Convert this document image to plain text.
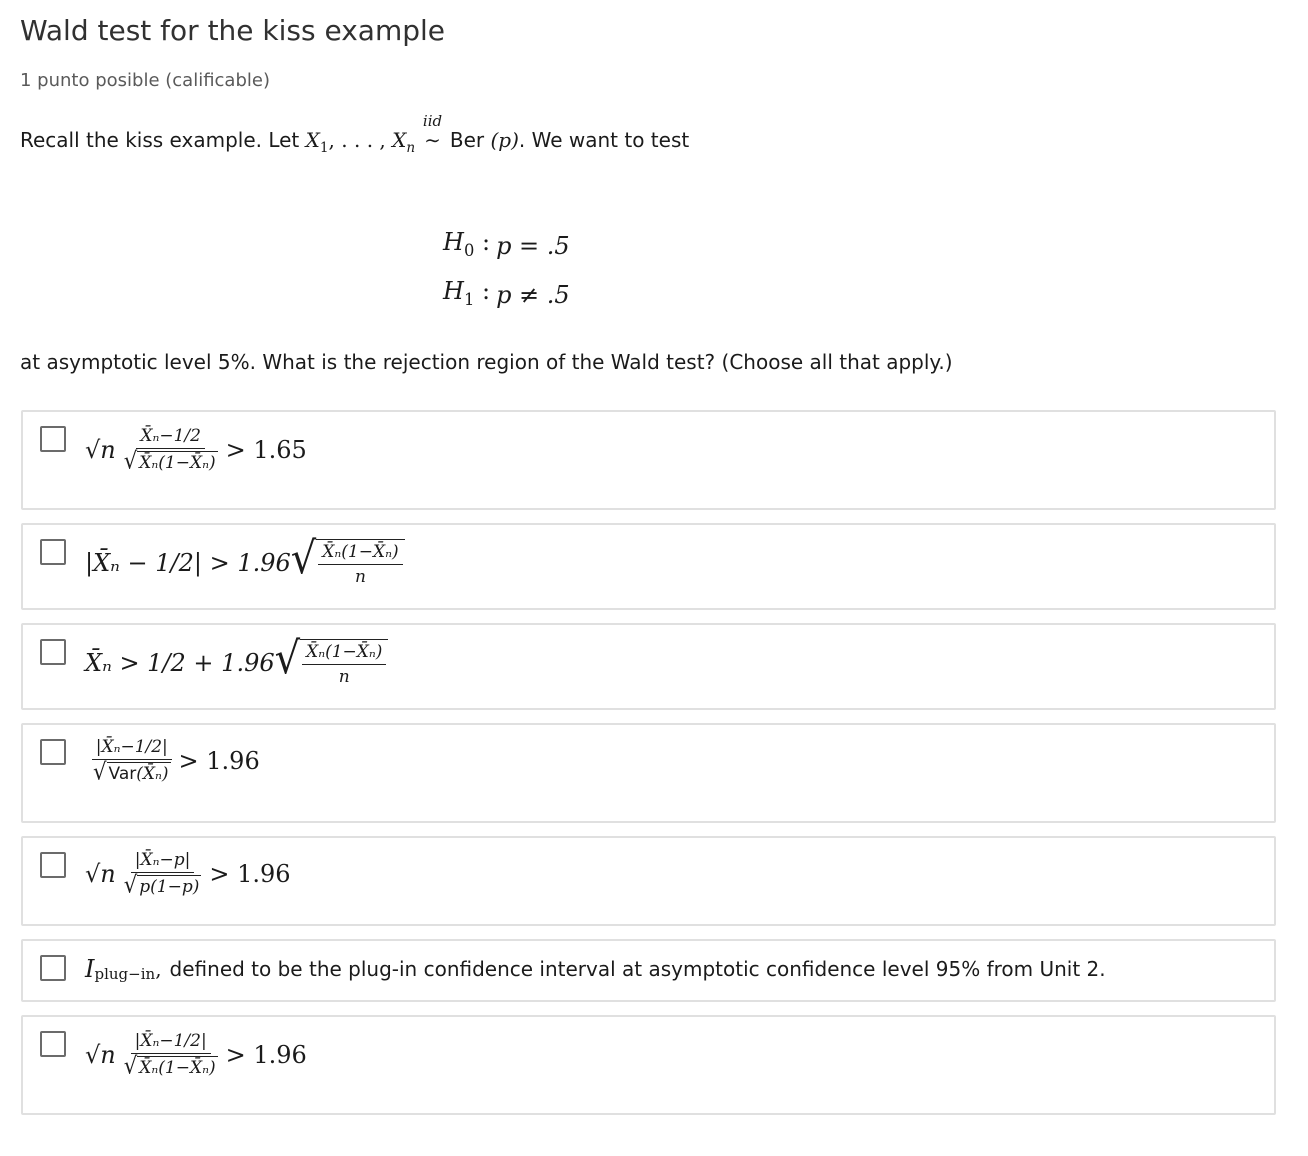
Wald test for the kiss example
1 punto posible (calificable)
Recall the kiss example. Let $X_1$, . . . , $X_n$
iid
∼ Ber (p). We want to test
$H_0$ :	p = .5
$H_1$ :	p ≠ .5
at asymptotic level 5%. What is the rejection region of the Wald test? (Choose all that apply.)
$√n \frac{\text{X̄ₙ−1/2}}{\text{√ X̄ₙ(1−X̄ₙ)}} > 1.65$
|X̄ₙ − 1/2| > 1.96 √ $\frac{\text{X̄ₙ(1−X̄ₙ)}}{n}$
X̄ₙ > 1/2 + 1.96 √ $\frac{\text{X̄ₙ(1−X̄ₙ)}}{n}$
$\frac{\text{|X̄ₙ−1/2|}}{\text{√ Var(X̄ₙ)}} > 1.96$
$√n \frac{\text{|X̄ₙ−p|}}{√ p(1-p)} > 1.96$
$I_{plug-in}$ , defined to be the plug-in confidence interval at asymptotic confidence level 95% from Unit 2.
$√n \frac{\text{|X̄ₙ−1/2|}}{\text{√ X̄ₙ(1−X̄ₙ)}} > 1.96$
